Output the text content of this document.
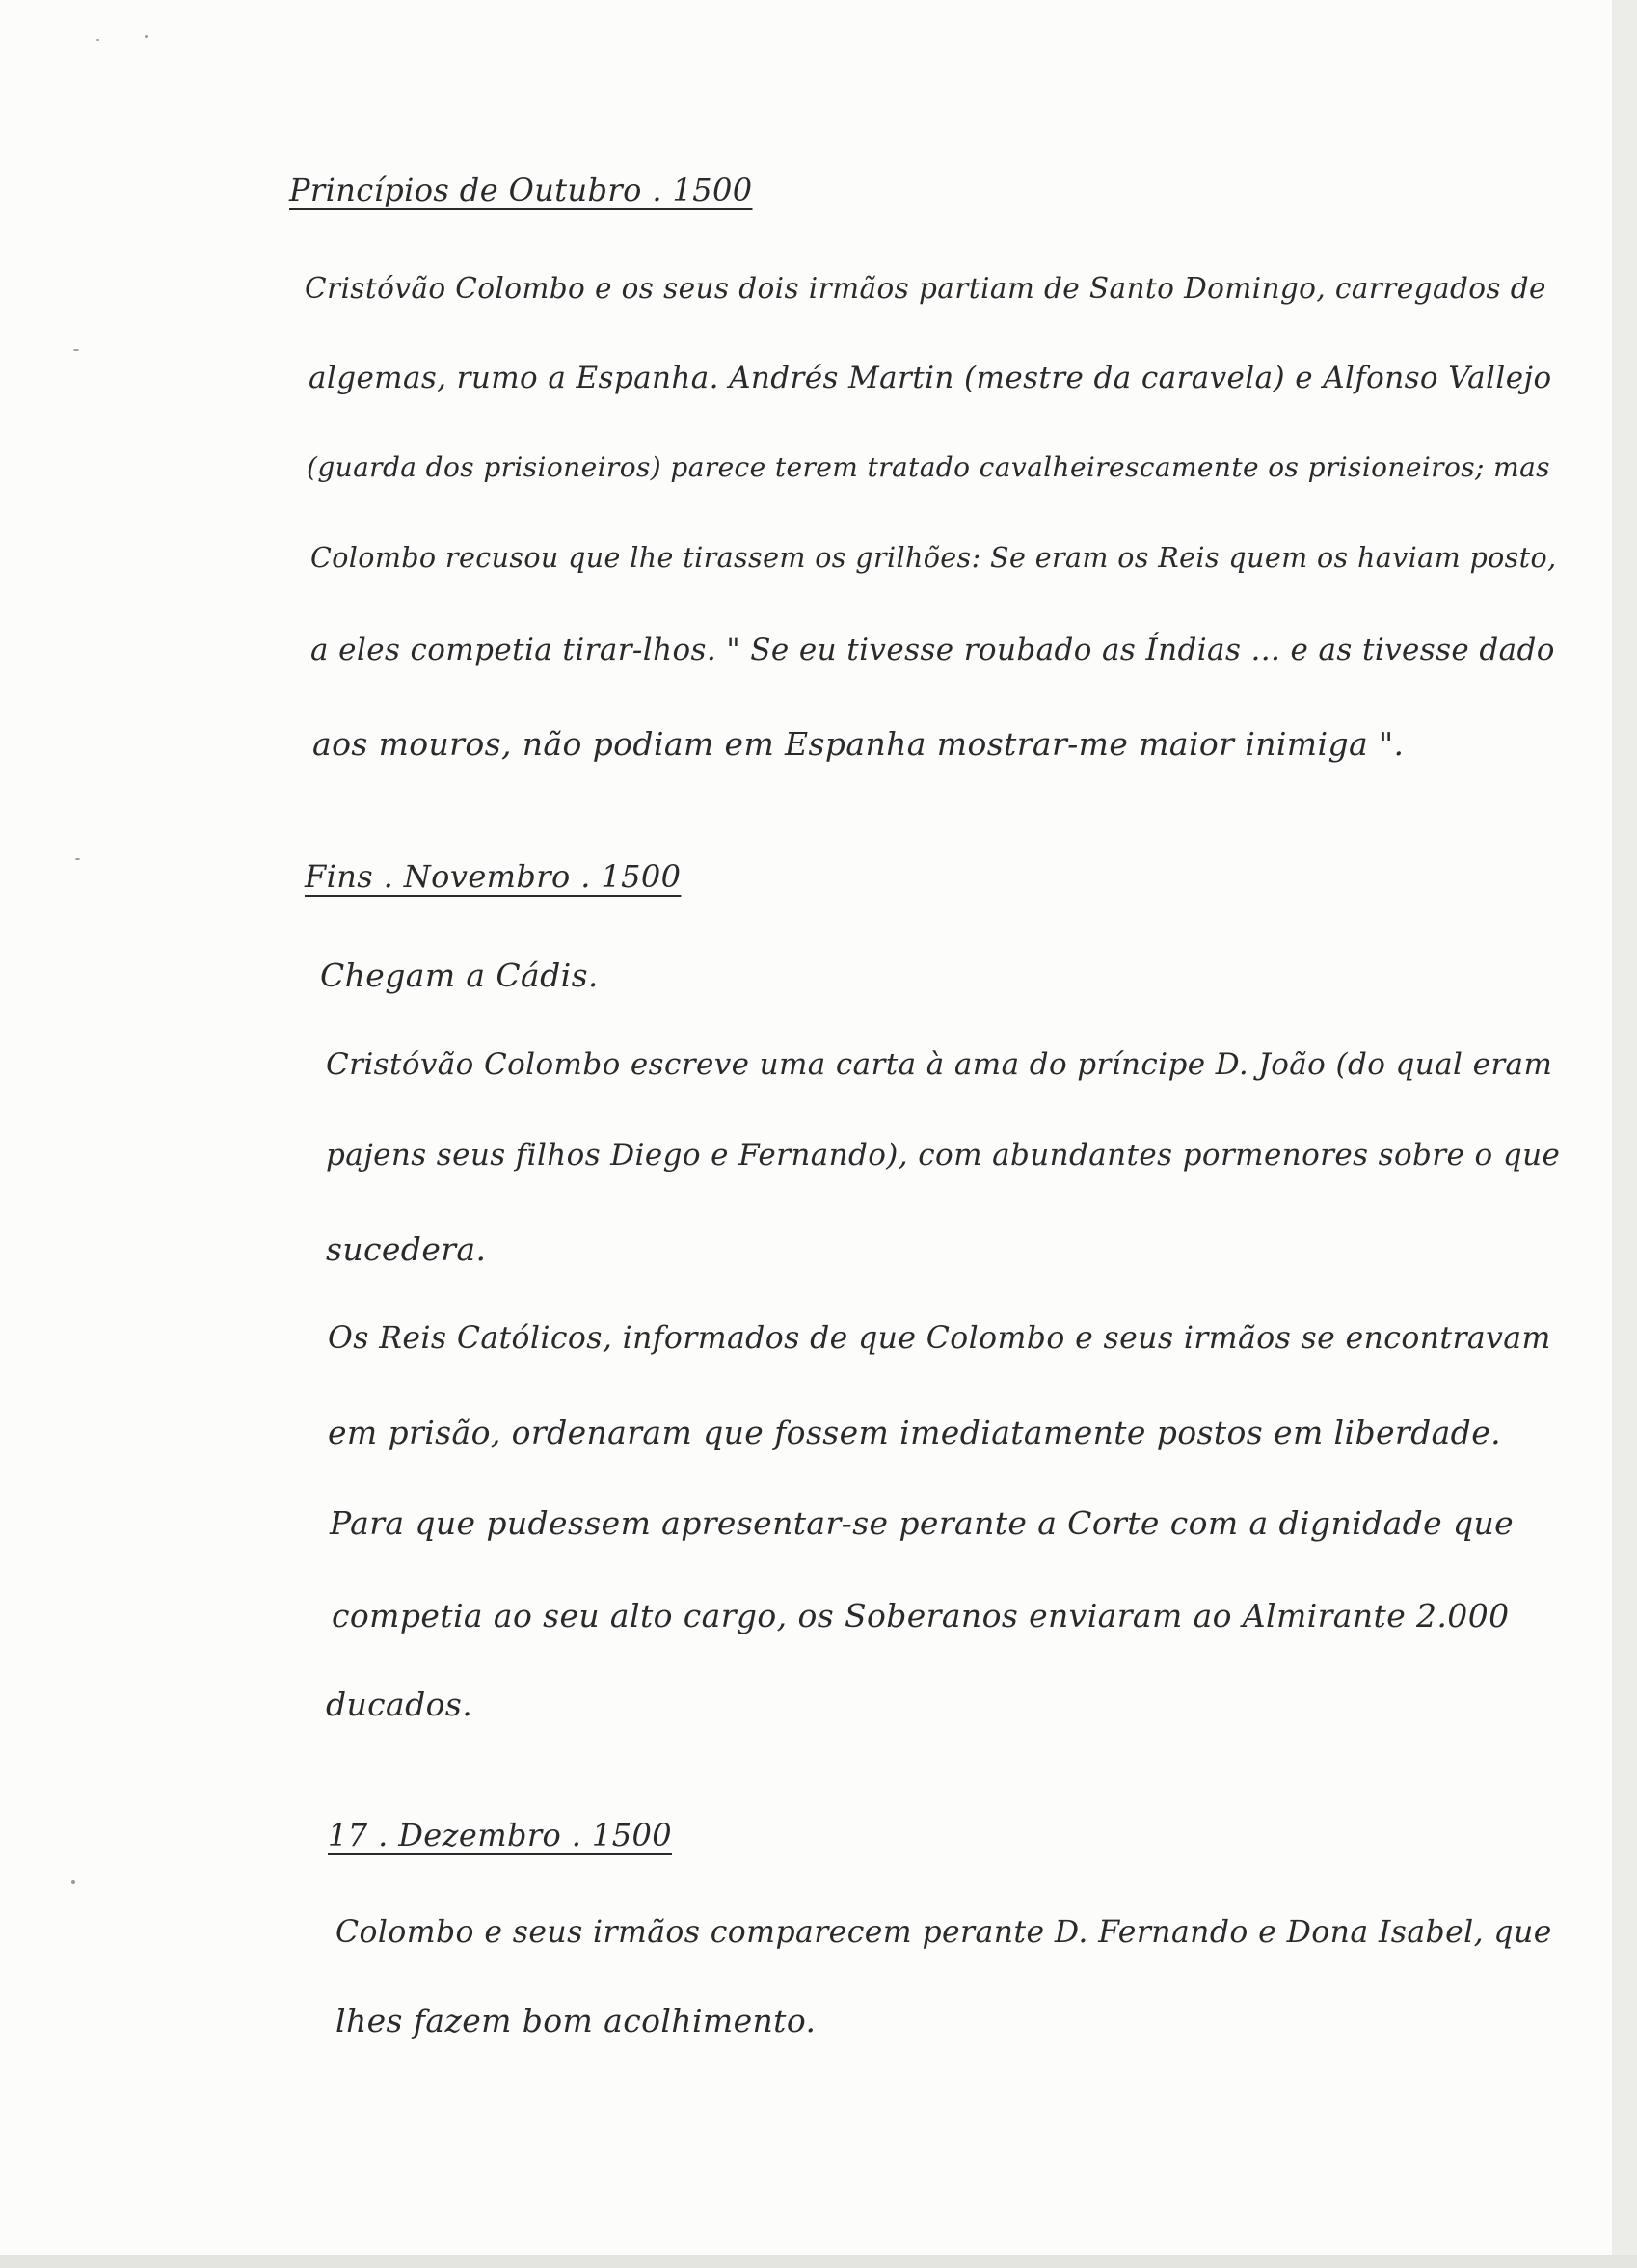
Princípios de Outubro . 1500
Cristóvão Colombo e os seus dois irmãos partiam de Santo Domingo, carregados de
algemas, rumo a Espanha. Andrés Martin (mestre da caravela) e Alfonso Vallejo
(guarda dos prisioneiros) parece terem tratado cavalheirescamente os prisioneiros; mas
Colombo recusou que lhe tirassem os grilhões: Se eram os Reis quem os haviam posto,
a eles competia tirar-lhos. " Se eu tivesse roubado as Índias ... e as tivesse dado
aos mouros, não podiam em Espanha mostrar-me maior inimiga ".
Fins . Novembro . 1500
Chegam a Cádis.
Cristóvão Colombo escreve uma carta à ama do príncipe D. João (do qual eram
pajens seus filhos Diego e Fernando), com abundantes pormenores sobre o que
sucedera.
Os Reis Católicos, informados de que Colombo e seus irmãos se encontravam
em prisão, ordenaram que fossem imediatamente postos em liberdade.
Para que pudessem apresentar-se perante a Corte com a dignidade que
competia ao seu alto cargo, os Soberanos enviaram ao Almirante 2.000
ducados.
17 . Dezembro . 1500
Colombo e seus irmãos comparecem perante D. Fernando e Dona Isabel, que
lhes fazem bom acolhimento.
